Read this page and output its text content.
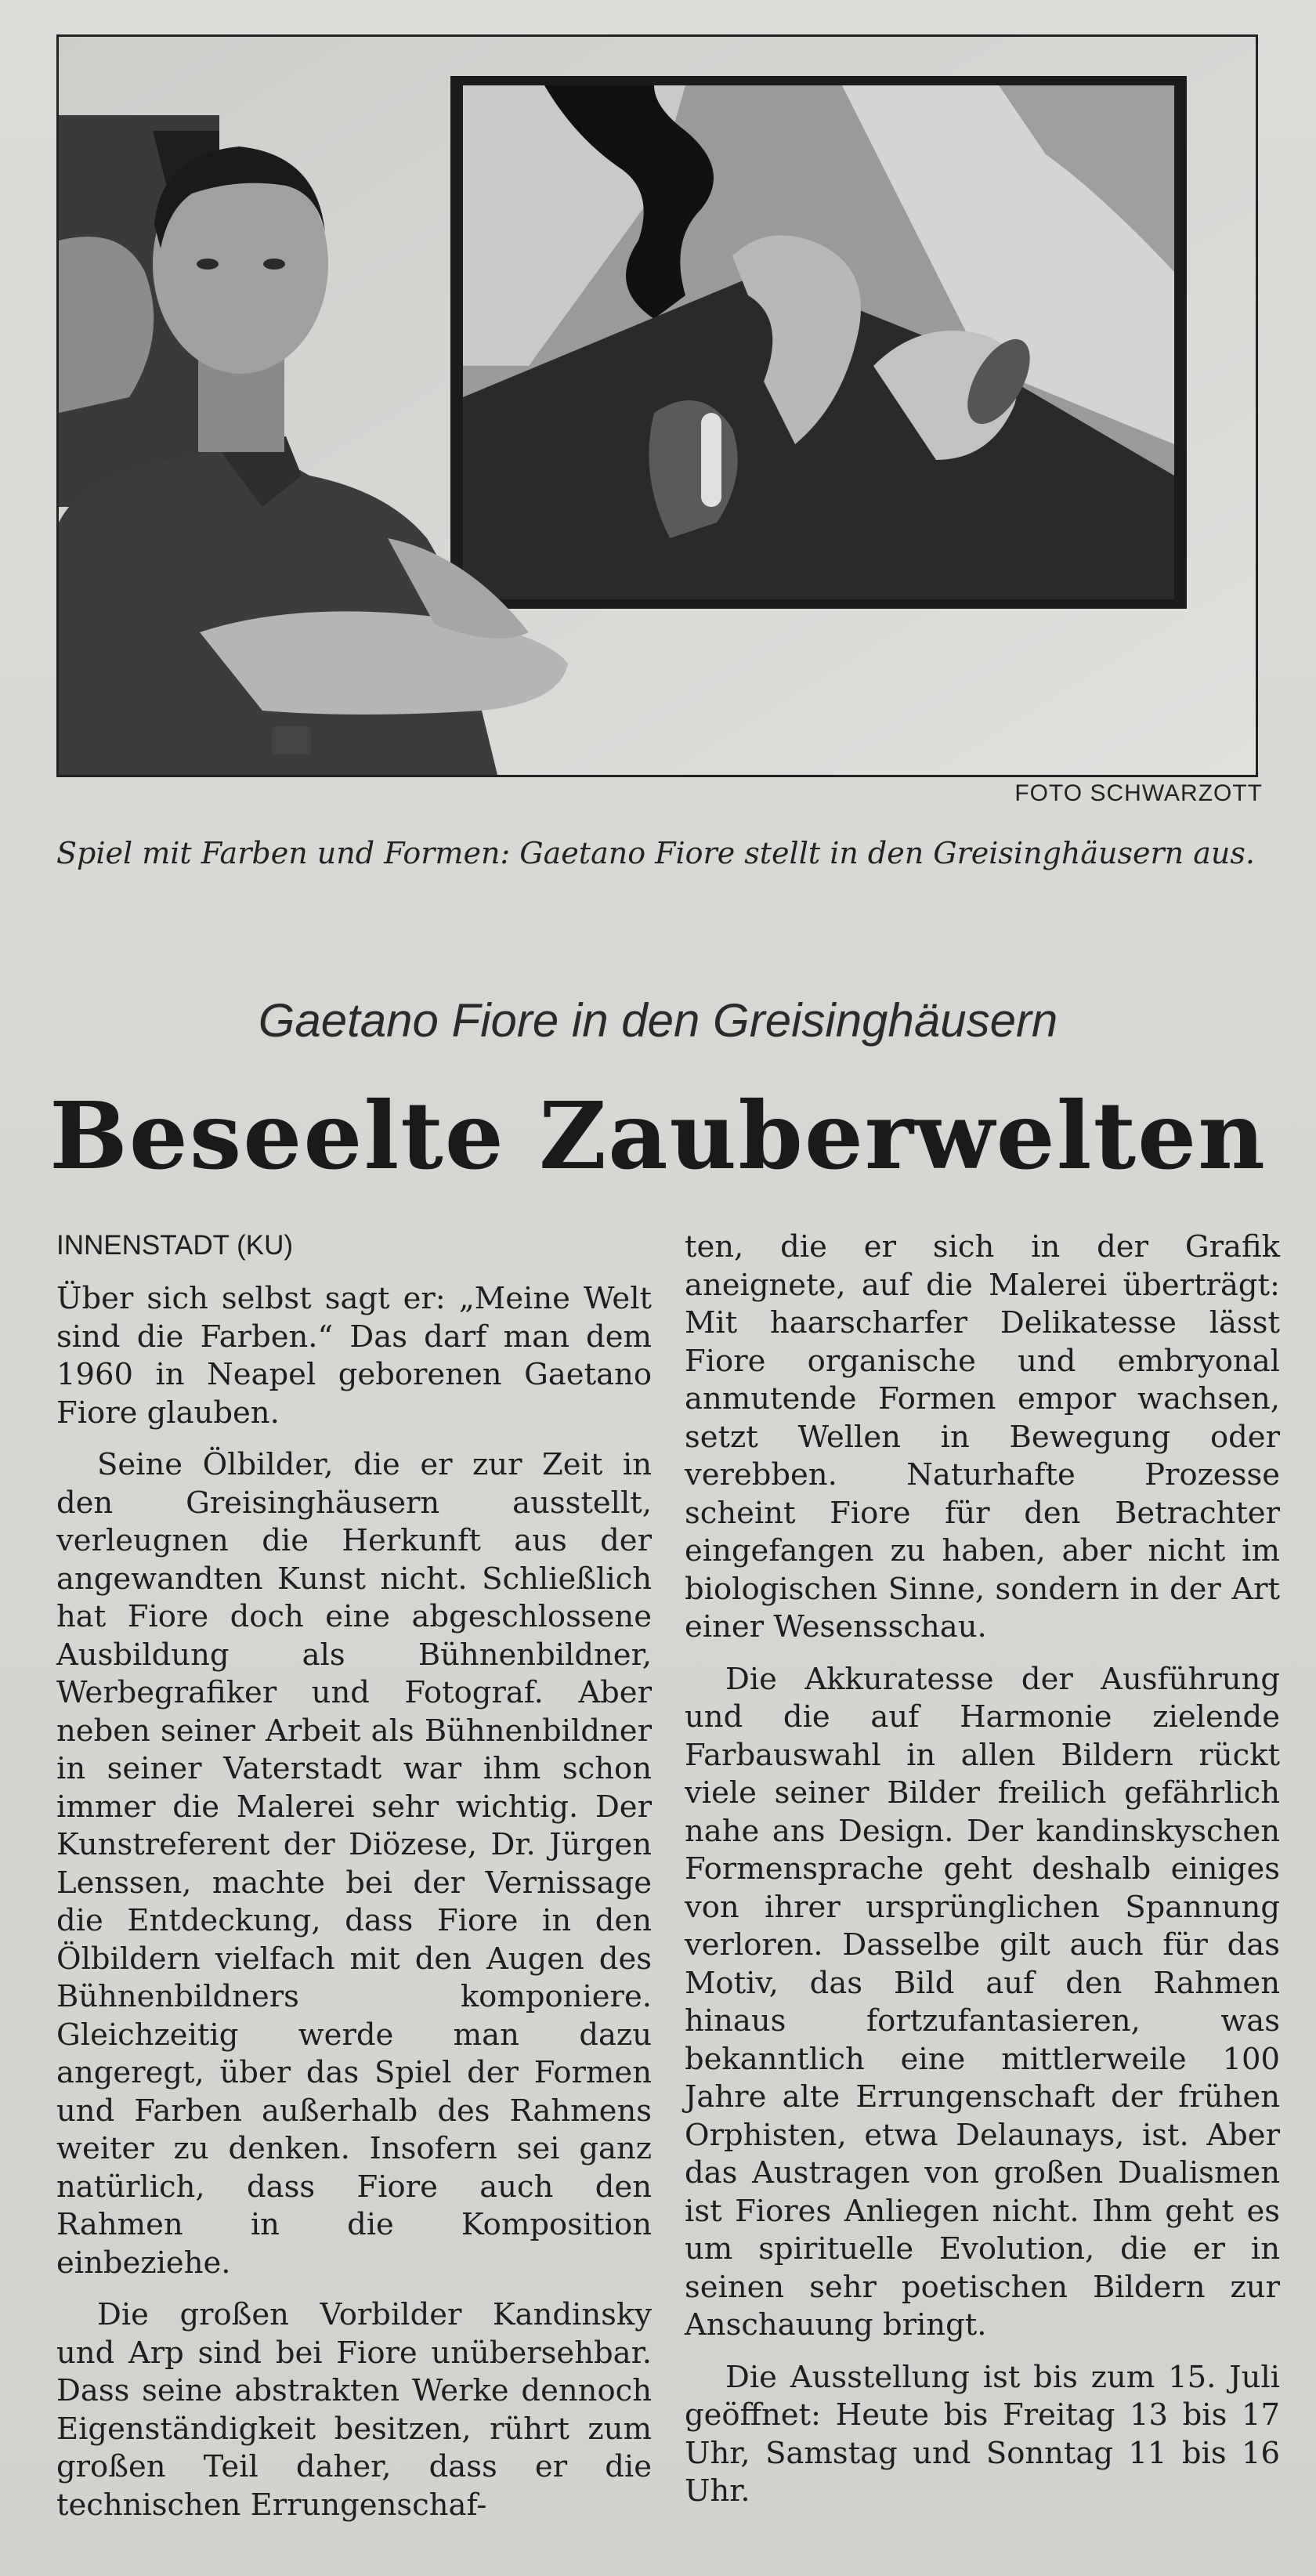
FOTO SCHWARZOTT
Spiel mit Farben und Formen: Gaetano Fiore stellt in den Greisinghäusern aus.
Gaetano Fiore in den Greisinghäusern
Beseelte Zauberwelten
INNENSTADT (KU)

Über sich selbst sagt er: „Meine Welt sind die Farben.“ Das darf man dem 1960 in Neapel geborenen Gaetano Fiore glauben.

Seine Ölbilder, die er zur Zeit in den Greisinghäusern ausstellt, verleugnen die Herkunft aus der angewandten Kunst nicht. Schließlich hat Fiore doch eine abgeschlossene Ausbildung als Bühnenbildner, Werbegrafiker und Fotograf. Aber neben seiner Arbeit als Bühnenbildner in seiner Vaterstadt war ihm schon immer die Malerei sehr wichtig. Der Kunstreferent der Diözese, Dr. Jürgen Lenssen, machte bei der Vernissage die Entdeckung, dass Fiore in den Ölbildern vielfach mit den Augen des Bühnenbildners komponiere. Gleichzeitig werde man dazu angeregt, über das Spiel der Formen und Farben außerhalb des Rahmens weiter zu denken. Insofern sei ganz natürlich, dass Fiore auch den Rahmen in die Komposition einbeziehe.

Die großen Vorbilder Kandinsky und Arp sind bei Fiore unübersehbar. Dass seine abstrakten Werke dennoch Eigenständigkeit besitzen, rührt zum großen Teil daher, dass er die technischen Errungenschaf-

ten, die er sich in der Grafik aneignete, auf die Malerei überträgt: Mit haarscharfer Delikatesse lässt Fiore organische und embryonal anmutende Formen empor wachsen, setzt Wellen in Bewegung oder verebben. Naturhafte Prozesse scheint Fiore für den Betrachter eingefangen zu haben, aber nicht im biologischen Sinne, sondern in der Art einer Wesensschau.

Die Akkuratesse der Ausführung und die auf Harmonie zielende Farbauswahl in allen Bildern rückt viele seiner Bilder freilich gefährlich nahe ans Design. Der kandinskyschen Formensprache geht deshalb einiges von ihrer ursprünglichen Spannung verloren. Dasselbe gilt auch für das Motiv, das Bild auf den Rahmen hinaus fortzufantasieren, was bekanntlich eine mittlerweile 100 Jahre alte Errungenschaft der frühen Orphisten, etwa Delaunays, ist. Aber das Austragen von großen Dualismen ist Fiores Anliegen nicht. Ihm geht es um spirituelle Evolution, die er in seinen sehr poetischen Bildern zur Anschauung bringt.

Die Ausstellung ist bis zum 15. Juli geöffnet: Heute bis Freitag 13 bis 17 Uhr, Samstag und Sonntag 11 bis 16 Uhr.
